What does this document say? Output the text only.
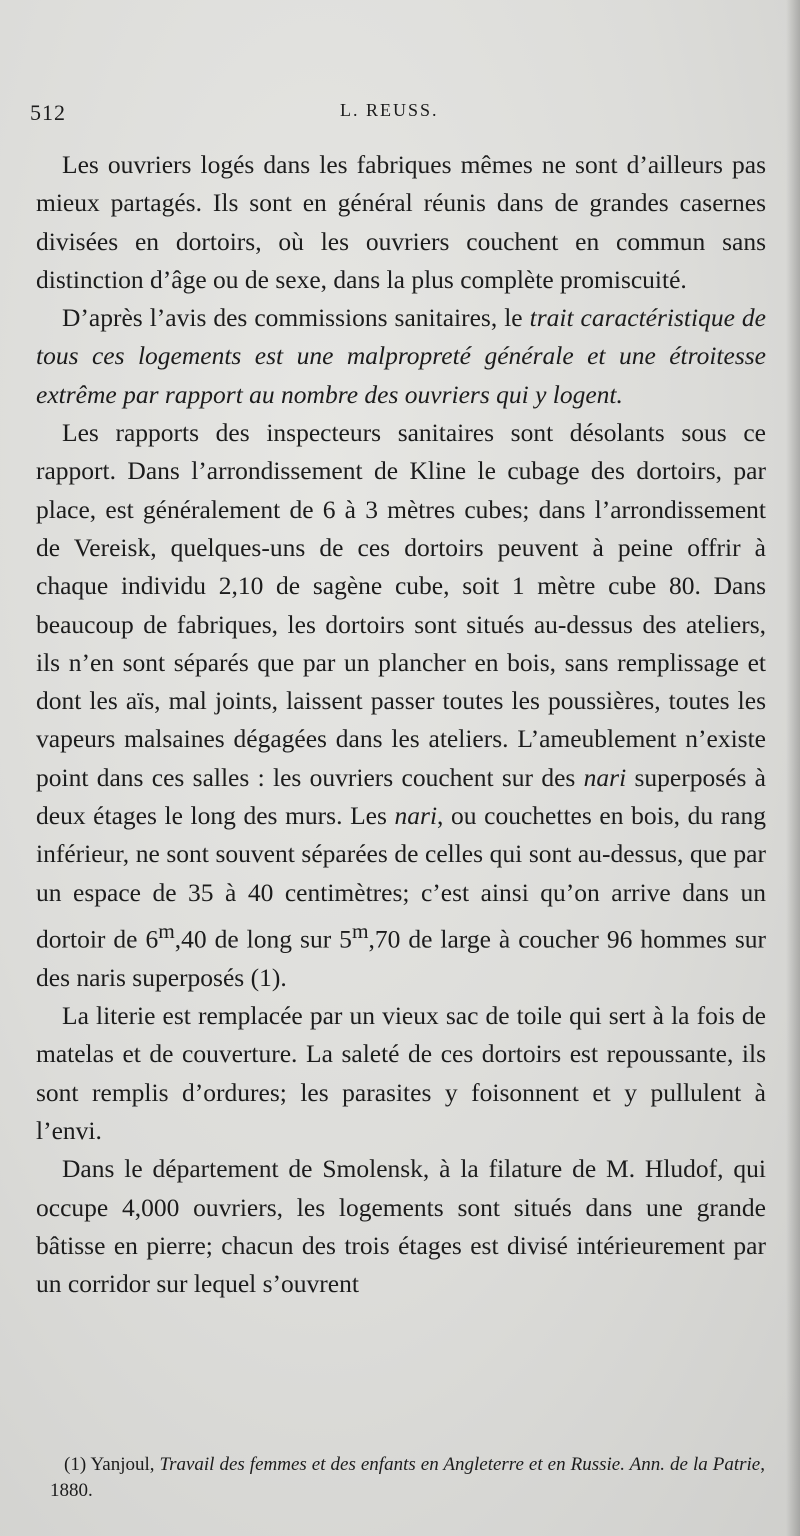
512	L. REUSS.

Les ouvriers logés dans les fabriques mêmes ne sont d’ailleurs pas mieux partagés. Ils sont en général réunis dans de grandes casernes divisées en dortoirs, où les ouvriers couchent en commun sans distinction d’âge ou de sexe, dans la plus complète promiscuité.

D’après l’avis des commissions sanitaires, le trait caractéristique de tous ces logements est une malpropreté générale et une étroitesse extrême par rapport au nombre des ouvriers qui y logent.

Les rapports des inspecteurs sanitaires sont désolants sous ce rapport. Dans l’arrondissement de Kline le cubage des dortoirs, par place, est généralement de 6 à 3 mètres cubes; dans l’arrondissement de Vereisk, quelques-uns de ces dortoirs peuvent à peine offrir à chaque individu 2,10 de sagène cube, soit 1 mètre cube 80. Dans beaucoup de fabriques, les dortoirs sont situés au-dessus des ateliers, ils n’en sont séparés que par un plancher en bois, sans remplissage et dont les aïs, mal joints, laissent passer toutes les poussières, toutes les vapeurs malsaines dégagées dans les ateliers. L’ameublement n’existe point dans ces salles : les ouvriers couchent sur des nari superposés à deux étages le long des murs. Les nari, ou couchettes en bois, du rang inférieur, ne sont souvent séparées de celles qui sont au-dessus, que par un espace de 35 à 40 centimètres; c’est ainsi qu’on arrive dans un dortoir de 6$^m$,40 de long sur 5$^m$,70 de large à coucher 96 hommes sur des naris superposés (1).

La literie est remplacée par un vieux sac de toile qui sert à la fois de matelas et de couverture. La saleté de ces dortoirs est repoussante, ils sont remplis d’ordures; les parasites y foisonnent et y pullulent à l’envi.

Dans le département de Smolensk, à la filature de M. Hludof, qui occupe 4,000 ouvriers, les logements sont situés dans une grande bâtisse en pierre; chacun des trois étages est divisé intérieurement par un corridor sur lequel s’ouvrent

(1) Yanjoul, Travail des femmes et des enfants en Angleterre et en Russie. Ann. de la Patrie, 1880.
